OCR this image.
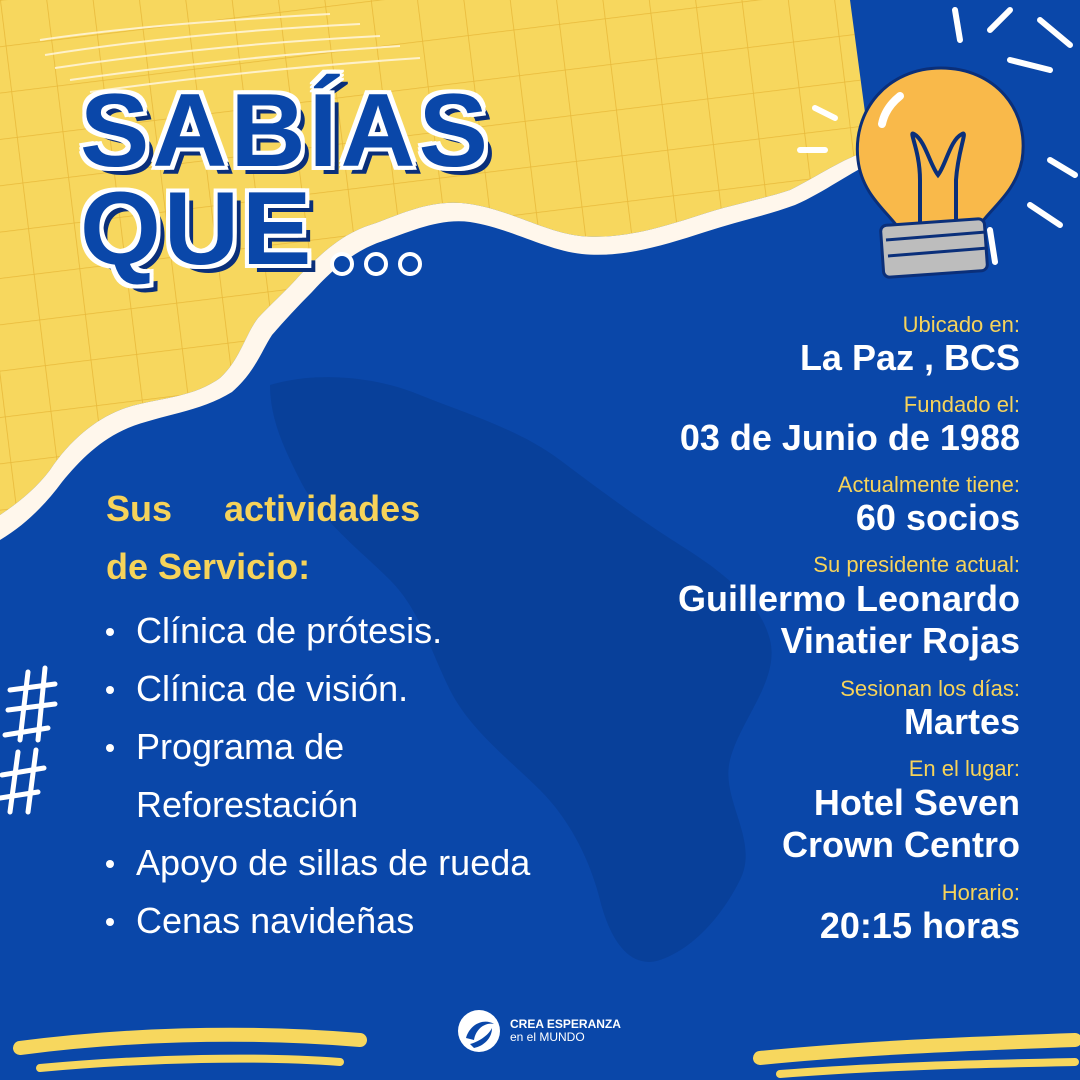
SABÍAS
QUE
Ubicado en:
La Paz , BCS
Fundado el:
03 de Junio de 1988
Actualmente tiene:
60 socios
Su presidente actual:
Guillermo Leonardo
Vinatier Rojas
Sesionan los días:
Martes
En el lugar:
Hotel Seven
Crown Centro
Horario:
20:15 horas
Sus actividades
de Servicio:
Clínica de prótesis.
Clínica de visión.
Programa de Reforestación
Apoyo de sillas de rueda
Cenas navideñas
CREA ESPERANZA
en el MUNDO
